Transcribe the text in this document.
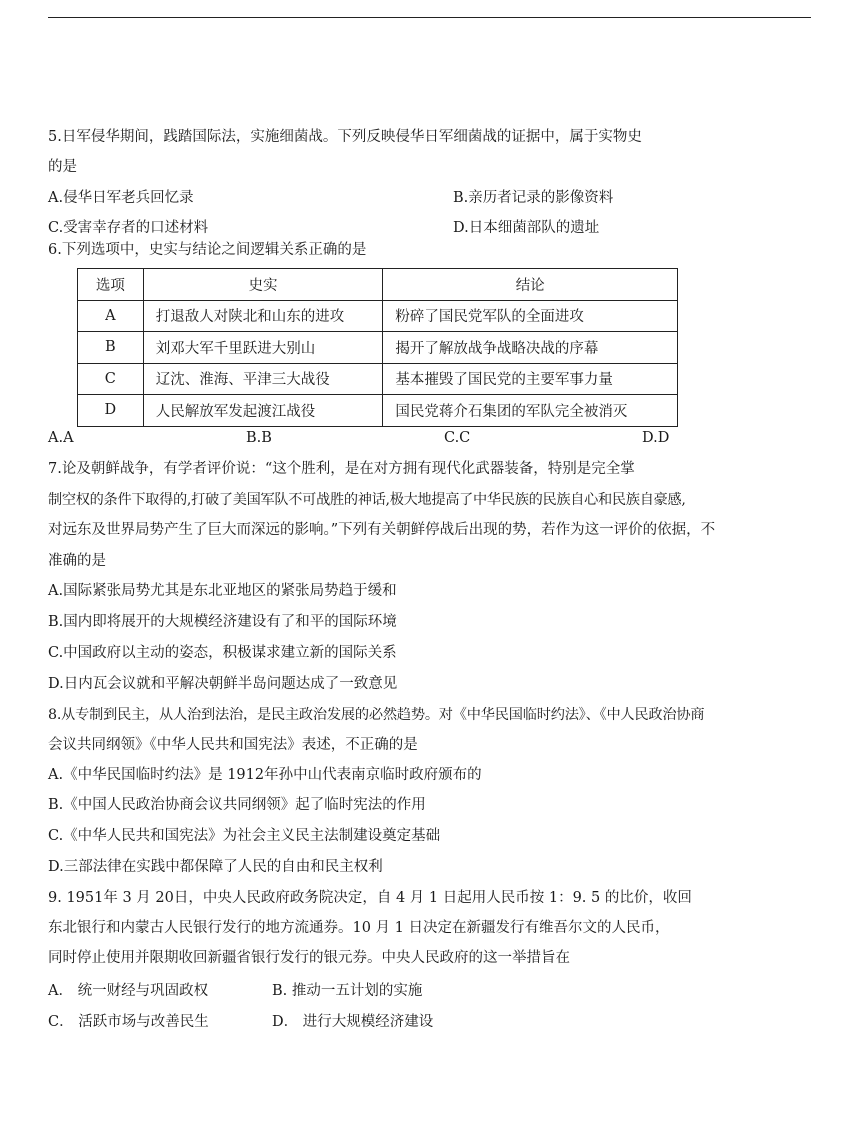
5.日军侵华期间，践踏国际法，实施细菌战。下列反映侵华日军细菌战的证据中，属于实物史
的是
A.侵华日军老兵回忆录	B.亲历者记录的影像资料
C.受害幸存者的口述材料	D.日本细菌部队的遗址
6.下列选项中，史实与结论之间逻辑关系正确的是
选项	史实	结论
A	打退敌人对陕北和山东的进攻	粉碎了国民党军队的全面进攻
B	刘邓大军千里跃进大别山	揭开了解放战争战略决战的序幕
C	辽沈、淮海、平津三大战役	基本摧毁了国民党的主要军事力量
D	人民解放军发起渡江战役	国民党蒋介石集团的军队完全被消灭
A.A	B.B	C.C	D.D
7.论及朝鲜战争，有学者评价说：“这个胜利，是在对方拥有现代化武器装备，特别是完全掌
制空权的条件下取得的,打破了美国军队不可战胜的神话,极大地提高了中华民族的民族自心和民族自豪感,
对远东及世界局势产生了巨大而深远的影响。”下列有关朝鲜停战后出现的势，若作为这一评价的依据，不
准确的是
A.国际紧张局势尤其是东北亚地区的紧张局势趋于缓和
B.国内即将展开的大规模经济建设有了和平的国际环境
C.中国政府以主动的姿态，积极谋求建立新的国际关系
D.日内瓦会议就和平解决朝鲜半岛问题达成了一致意见
8.从专制到民主，从人治到法治，是民主政治发展的必然趋势。对《中华民国临时约法》、《中人民政治协商
会议共同纲领》《中华人民共和国宪法》表述，不正确的是
A.《中华民国临时约法》是 1912年孙中山代表南京临时政府颁布的
B.《中国人民政治协商会议共同纲领》起了临时宪法的作用
C.《中华人民共和国宪法》为社会主义民主法制建设奠定基础
D.三部法律在实践中都保障了人民的自由和民主权利
9. 1951年 3 月 20日，中央人民政府政务院决定，自 4 月 1 日起用人民币按 1：9. 5 的比价，收回
东北银行和内蒙古人民银行发行的地方流通券。10 月 1 日决定在新疆发行有维吾尔文的人民币，
同时停止使用并限期收回新疆省银行发行的银元券。中央人民政府的这一举措旨在
A． 统一财经与巩固政权	B. 推动一五计划的实施
C． 活跃市场与改善民生	D． 进行大规模经济建设
